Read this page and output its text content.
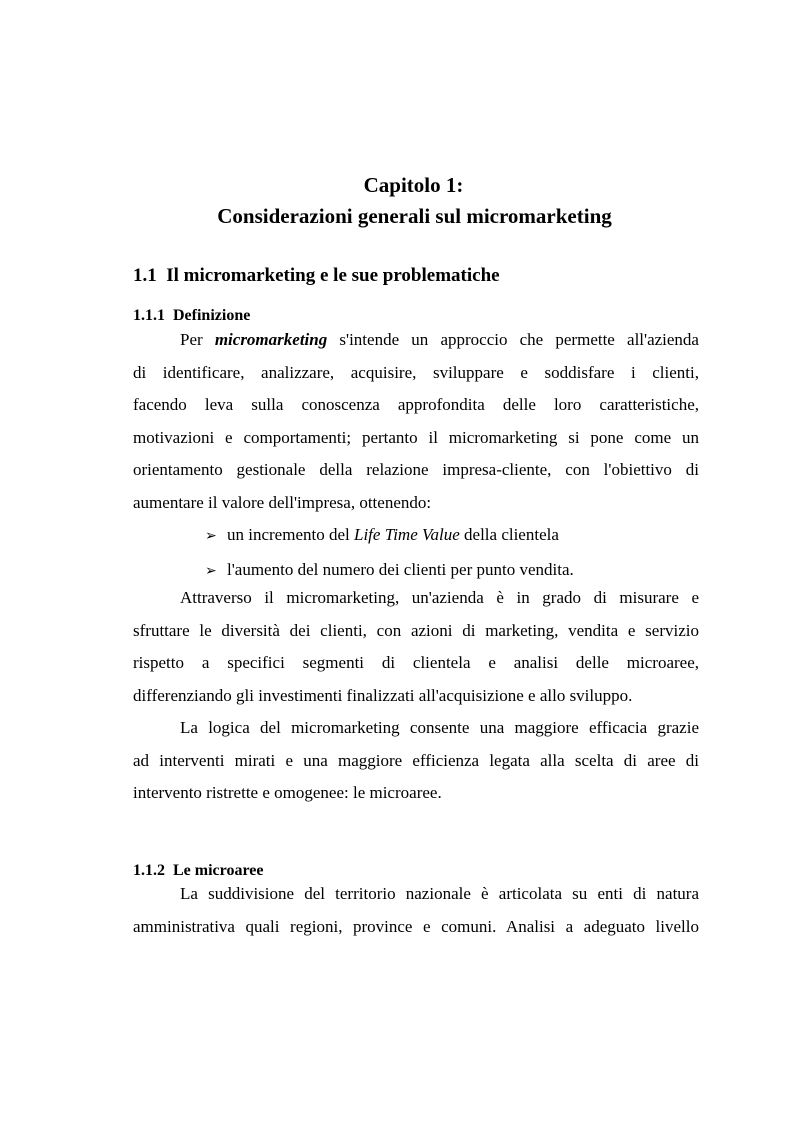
Capitolo 1:
Considerazioni generali sul micromarketing
1.1 Il micromarketing e le sue problematiche
1.1.1 Definizione
Per micromarketing s'intende un approccio che permette all'azienda
di identificare, analizzare, acquisire, sviluppare e soddisfare i clienti,
facendo leva sulla conoscenza approfondita delle loro caratteristiche,
motivazioni e comportamenti; pertanto il micromarketing si pone come un
orientamento gestionale della relazione impresa-cliente, con l'obiettivo di
aumentare il valore dell'impresa, ottenendo:
➢ un incremento del Life Time Value della clientela
➢ l'aumento del numero dei clienti per punto vendita.
Attraverso il micromarketing, un'azienda è in grado di misurare e
sfruttare le diversità dei clienti, con azioni di marketing, vendita e servizio
rispetto a specifici segmenti di clientela e analisi delle microaree,
differenziando gli investimenti finalizzati all'acquisizione e allo sviluppo.
La logica del micromarketing consente una maggiore efficacia grazie
ad interventi mirati e una maggiore efficienza legata alla scelta di aree di
intervento ristrette e omogenee: le microaree.
1.1.2 Le microaree
La suddivisione del territorio nazionale è articolata su enti di natura
amministrativa quali regioni, province e comuni. Analisi a adeguato livello
